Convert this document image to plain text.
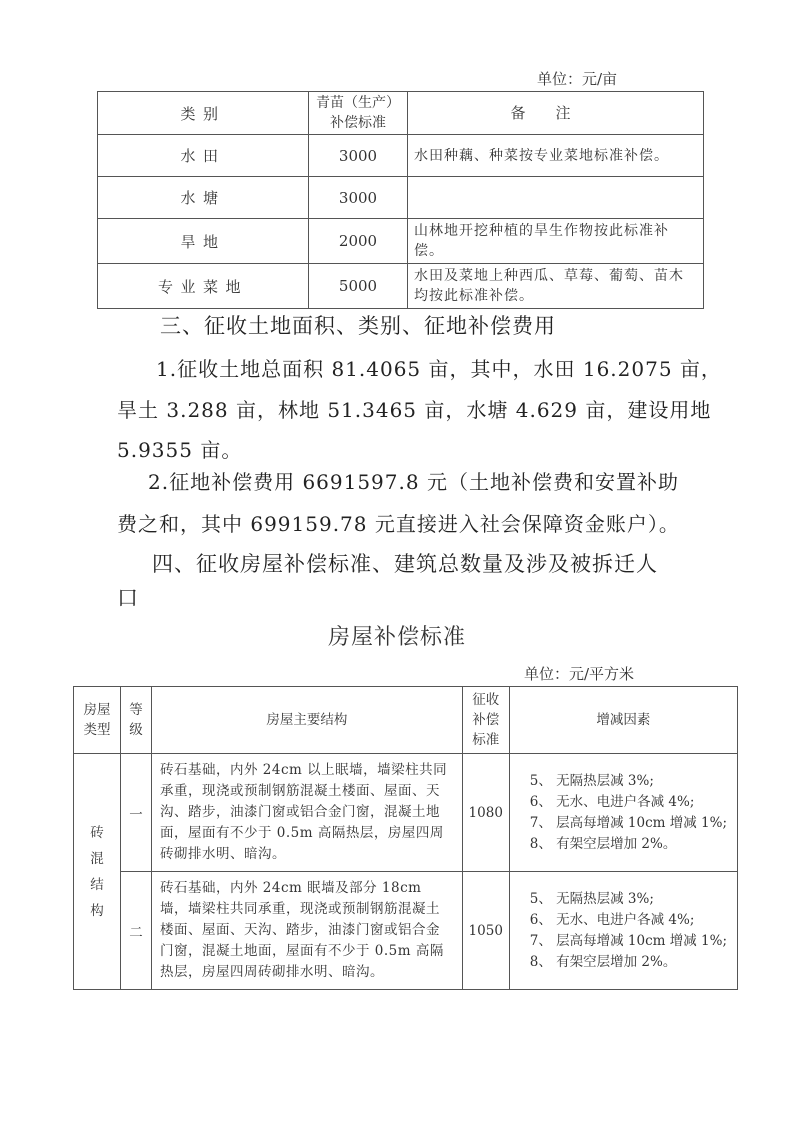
单位：元/亩
类别	青苗（生产）补偿标准	备注
水田	3000	水田种藕、种菜按专业菜地标准补偿。
水塘	3000	
旱地	2000	山林地开挖种植的旱生作物按此标准补偿。
专业菜地	5000	水田及菜地上种西瓜、草莓、葡萄、苗木均按此标准补偿。
三、征收土地面积、类别、征地补偿费用
1.征收土地总面积 81.4065 亩，其中，水田 16.2075 亩，
旱土 3.288 亩，林地 51.3465 亩，水塘 4.629 亩，建设用地
5.9355 亩。
2.征地补偿费用 6691597.8 元（土地补偿费和安置补助
费之和，其中 699159.78 元直接进入社会保障资金账户）。
四、征收房屋补偿标准、建筑总数量及涉及被拆迁人
口
房屋补偿标准
单位：元/平方米
房屋类型	等级	房屋主要结构	征收补偿标准	增减因素
砖混结构	一	砖石基础，内外 24cm 以上眠墙，墙梁柱共同承重，现浇或预制钢筋混凝土楼面、屋面、天沟、踏步，油漆门窗或铝合金门窗，混凝土地面，屋面有不少于 0.5m 高隔热层，房屋四周砖砌排水明、暗沟。	1080	5、 无隔热层减 3%;
6、 无水、电进户各减 4%;
7、 层高每增减 10cm 增减 1%;
8、 有架空层增加 2%。

	二	砖石基础，内外 24cm 眠墙及部分 18cm 墙，墙梁柱共同承重，现浇或预制钢筋混凝土楼面、屋面、天沟、踏步，油漆门窗或铝合金门窗，混凝土地面，屋面有不少于 0.5m 高隔热层，房屋四周砖砌排水明、暗沟。	1050	5、 无隔热层减 3%;
6、 无水、电进户各减 4%;
7、 层高每增减 10cm 增减 1%;
8、 有架空层增加 2%。
